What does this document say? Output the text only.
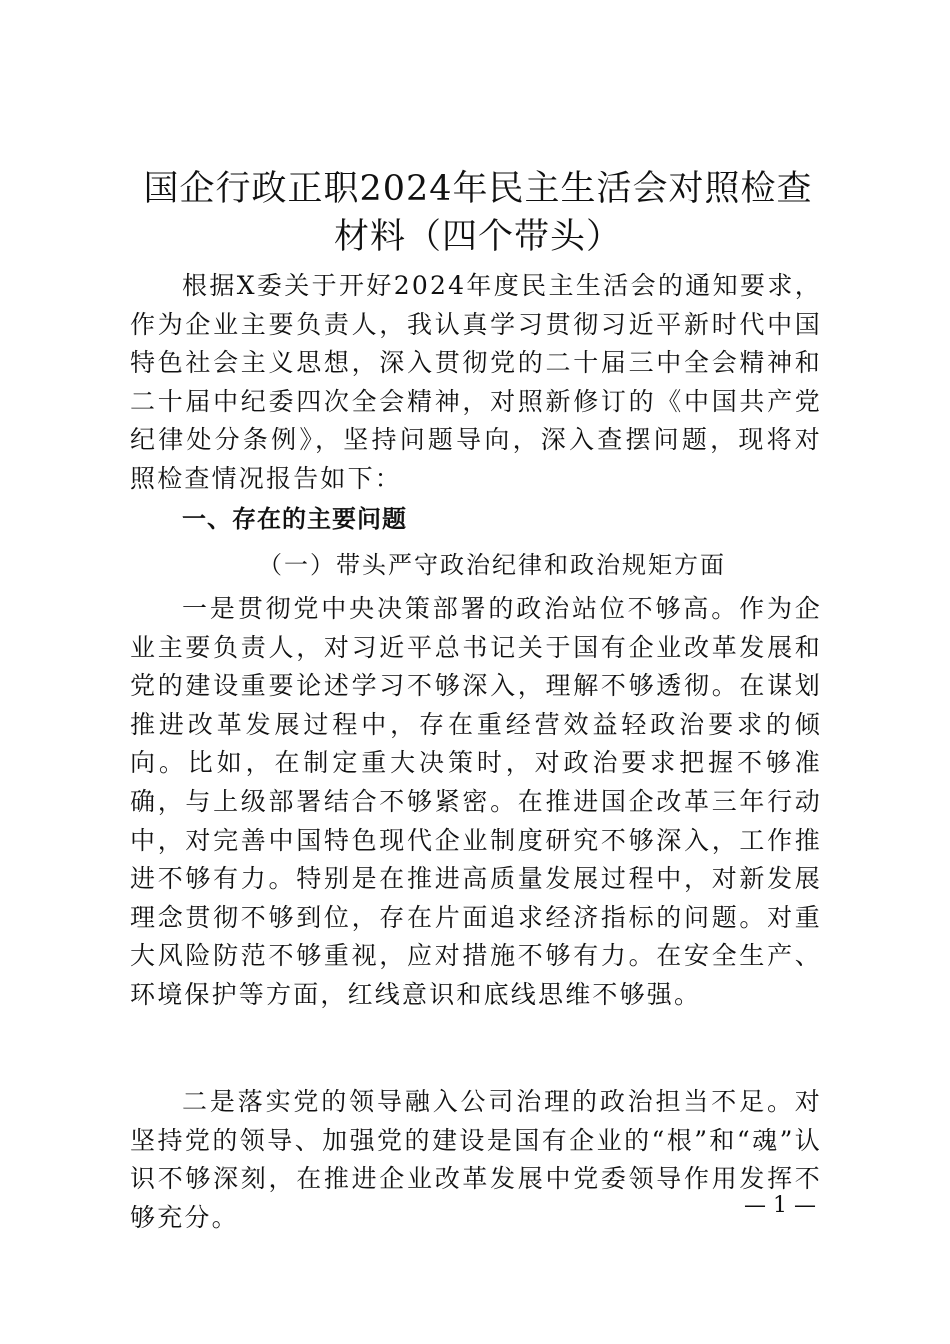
国企行政正职2024年民主生活会对照检查材料（四个带头）

根据X委关于开好2024年度民主生活会的通知要求，作为企业主要负责人，我认真学习贯彻习近平新时代中国特色社会主义思想，深入贯彻党的二十届三中全会精神和二十届中纪委四次全会精神，对照新修订的《中国共产党纪律处分条例》，坚持问题导向，深入查摆问题，现将对照检查情况报告如下：

一、存在的主要问题
（一）带头严守政治纪律和政治规矩方面

一是贯彻党中央决策部署的政治站位不够高。作为企业主要负责人，对习近平总书记关于国有企业改革发展和党的建设重要论述学习不够深入，理解不够透彻。在谋划推进改革发展过程中，存在重经营效益轻政治要求的倾向。比如，在制定重大决策时，对政治要求把握不够准确，与上级部署结合不够紧密。在推进国企改革三年行动中，对完善中国特色现代企业制度研究不够深入，工作推进不够有力。特别是在推进高质量发展过程中，对新发展理念贯彻不够到位，存在片面追求经济指标的问题。对重大风险防范不够重视，应对措施不够有力。在安全生产、环境保护等方面，红线意识和底线思维不够强。

二是落实党的领导融入公司治理的政治担当不足。对坚持党的领导、加强党的建设是国有企业的“根”和“魂”认识不够深刻，在推进企业改革发展中党委领导作用发挥不够充分。	— 1 —
